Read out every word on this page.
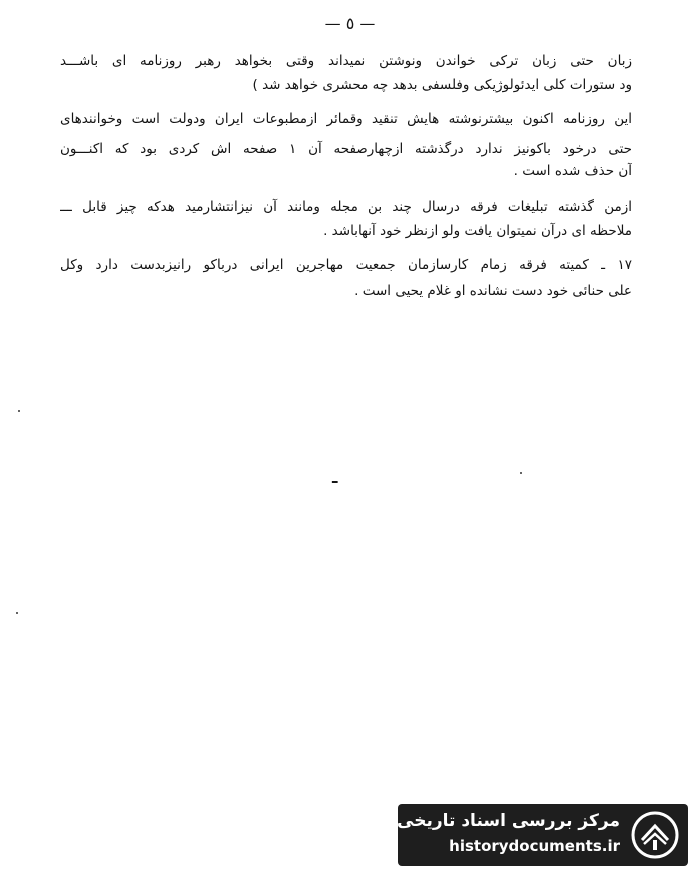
— ٥ —
زبان حتی زبان ترکی خواندن ونوشتن نمیداند وقتی بخواهد رهبر روزنامه ای باشـــد
ود ستورات کلی ایدئولوژیکی وفلسفی بدهد چه محشری خواهد شد )
این روزنامه اکنون بیشترنوشته‌ هایش تنقید وقمائر ازمطبوعات ایران ودولت است وخوانندهای
حتی درخود باکونیز ندارد درگذشته ازچهارصفحه آن ۱ صفحه اش کردی بود که اکنـــون
آن حذف شده است .
ازمن گذشته تبلیغات فرقه درسال چند بن مجله ومانند آن نیزانتشارمید هدکه چیز قابل ـــ
ملاحظه ای درآن نمیتوان یافت ولو ازنظر خود آنهاباشد .
۱۷ ـ کمیته فرقه زمام کارسازمان جمعیت مهاجرین ایرانی درباکو رانیزبدست دارد وکل
علی حنائی خود دست نشانده او غلام یحیی است .
ـ
مرکز بررسی اسناد تاریخی
historydocuments.ir
